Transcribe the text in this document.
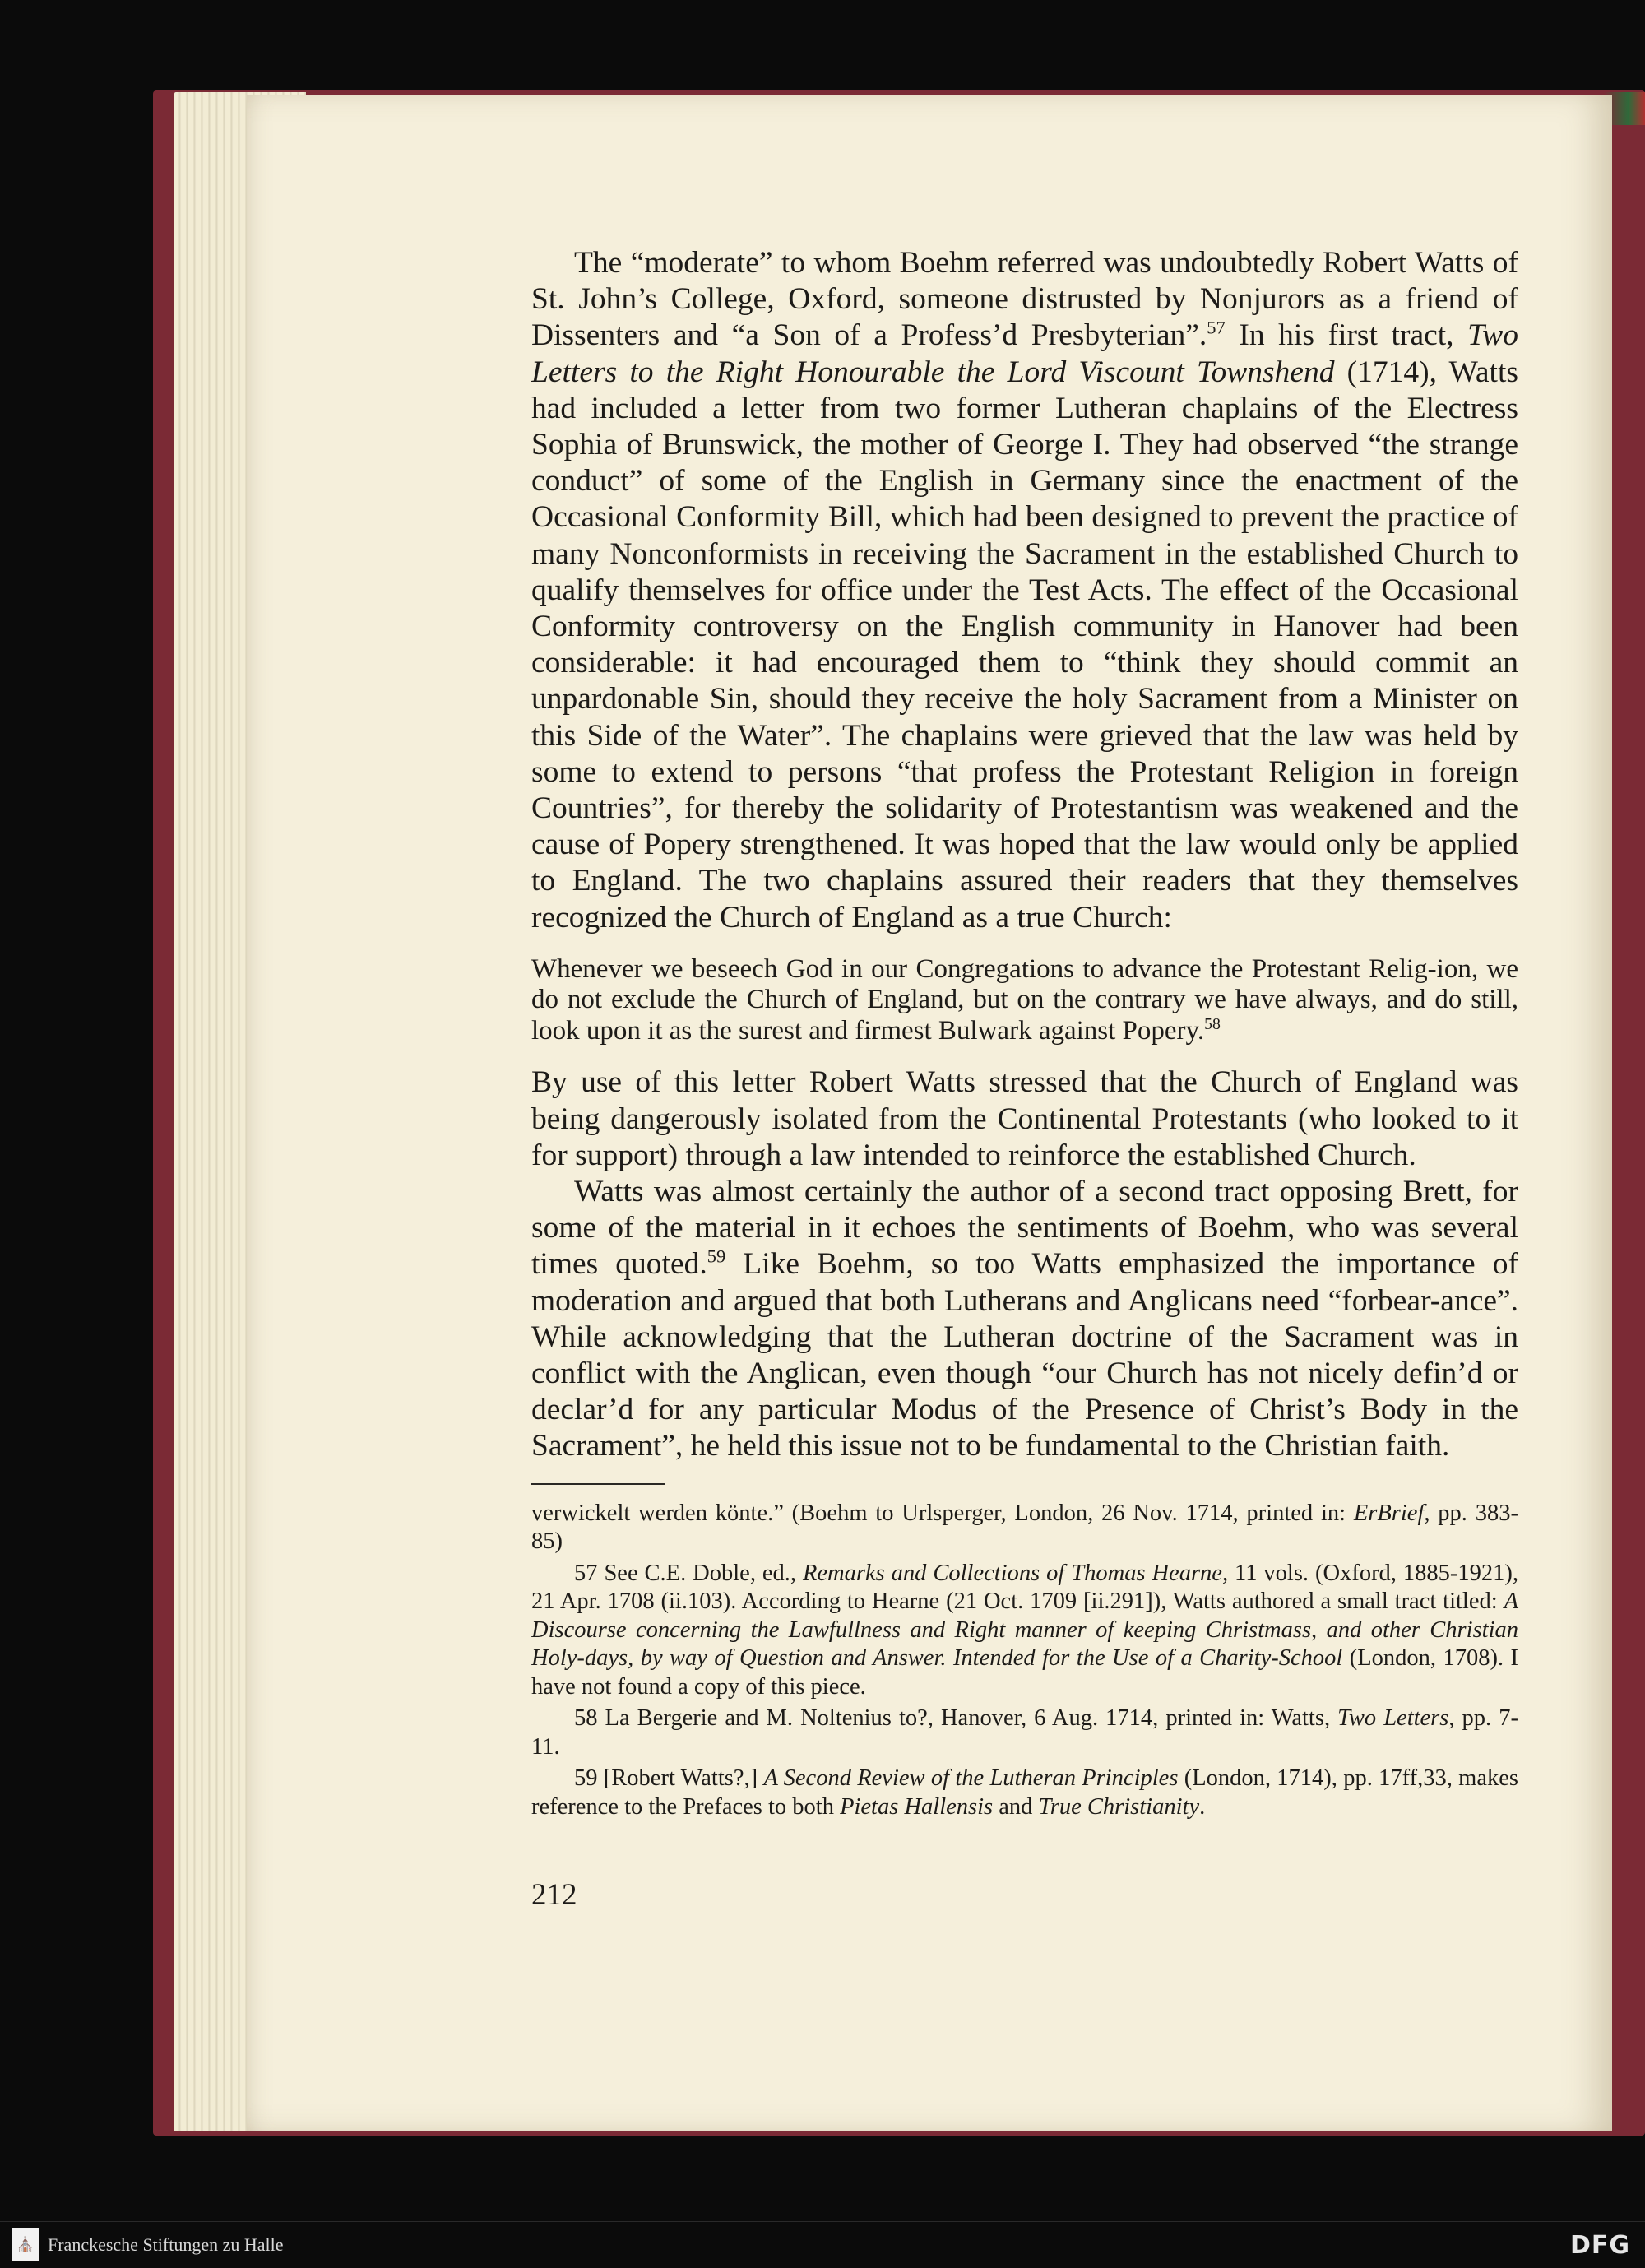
The “moderate” to whom Boehm referred was undoubtedly Robert Watts of St. John’s College, Oxford, someone distrusted by Nonjurors as a friend of Dissenters and “a Son of a Profess’d Presbyterian”.$^{57}$ In his first tract, Two Letters to the Right Honourable the Lord Viscount Townshend (1714), Watts had included a letter from two former Lutheran chaplains of the Electress Sophia of Brunswick, the mother of George I. They had observed “the strange conduct” of some of the English in Germany since the enactment of the Occasional Conformity Bill, which had been designed to prevent the practice of many Nonconformists in receiving the Sacrament in the established Church to qualify themselves for office under the Test Acts. The effect of the Occasional Conformity controversy on the English community in Hanover had been considerable: it had encouraged them to “think they should commit an unpardonable Sin, should they receive the holy Sacrament from a Minister on this Side of the Water”. The chaplains were grieved that the law was held by some to extend to persons “that profess the Protestant Religion in foreign Countries”, for thereby the solidarity of Protestantism was weakened and the cause of Popery strengthened. It was hoped that the law would only be applied to England. The two chaplains assured their readers that they themselves recognized the Church of England as a true Church:

Whenever we beseech God in our Congregations to advance the Protestant Relig-ion, we do not exclude the Church of England, but on the contrary we have always, and do still, look upon it as the surest and firmest Bulwark against Popery.$^{58}$

By use of this letter Robert Watts stressed that the Church of England was being dangerously isolated from the Continental Protestants (who looked to it for support) through a law intended to reinforce the established Church.

Watts was almost certainly the author of a second tract opposing Brett, for some of the material in it echoes the sentiments of Boehm, who was several times quoted.$^{59}$ Like Boehm, so too Watts emphasized the importance of moderation and argued that both Lutherans and Anglicans need “forbear-ance”. While acknowledging that the Lutheran doctrine of the Sacrament was in conflict with the Anglican, even though “our Church has not nicely defin’d or declar’d for any particular Modus of the Presence of Christ’s Body in the Sacrament”, he held this issue not to be fundamental to the Christian faith.

verwickelt werden könte.” (Boehm to Urlsperger, London, 26 Nov. 1714, printed in: ErBrief, pp. 383-85)

57 See C.E. Doble, ed., Remarks and Collections of Thomas Hearne, 11 vols. (Oxford, 1885-1921), 21 Apr. 1708 (ii.103). According to Hearne (21 Oct. 1709 [ii.291]), Watts authored a small tract titled: A Discourse concerning the Lawfullness and Right manner of keeping Christmass, and other Christian Holy-days, by way of Question and Answer. Intended for the Use of a Charity-School (London, 1708). I have not found a copy of this piece.

58 La Bergerie and M. Noltenius to?, Hanover, 6 Aug. 1714, printed in: Watts, Two Letters, pp. 7-11.

59 [Robert Watts?,] A Second Review of the Lutheran Principles (London, 1714), pp. 17ff,33, makes reference to the Prefaces to both Pietas Hallensis and True Christianity.

212
⛪ Franckesche Stiftungen zu Halle	DFG
